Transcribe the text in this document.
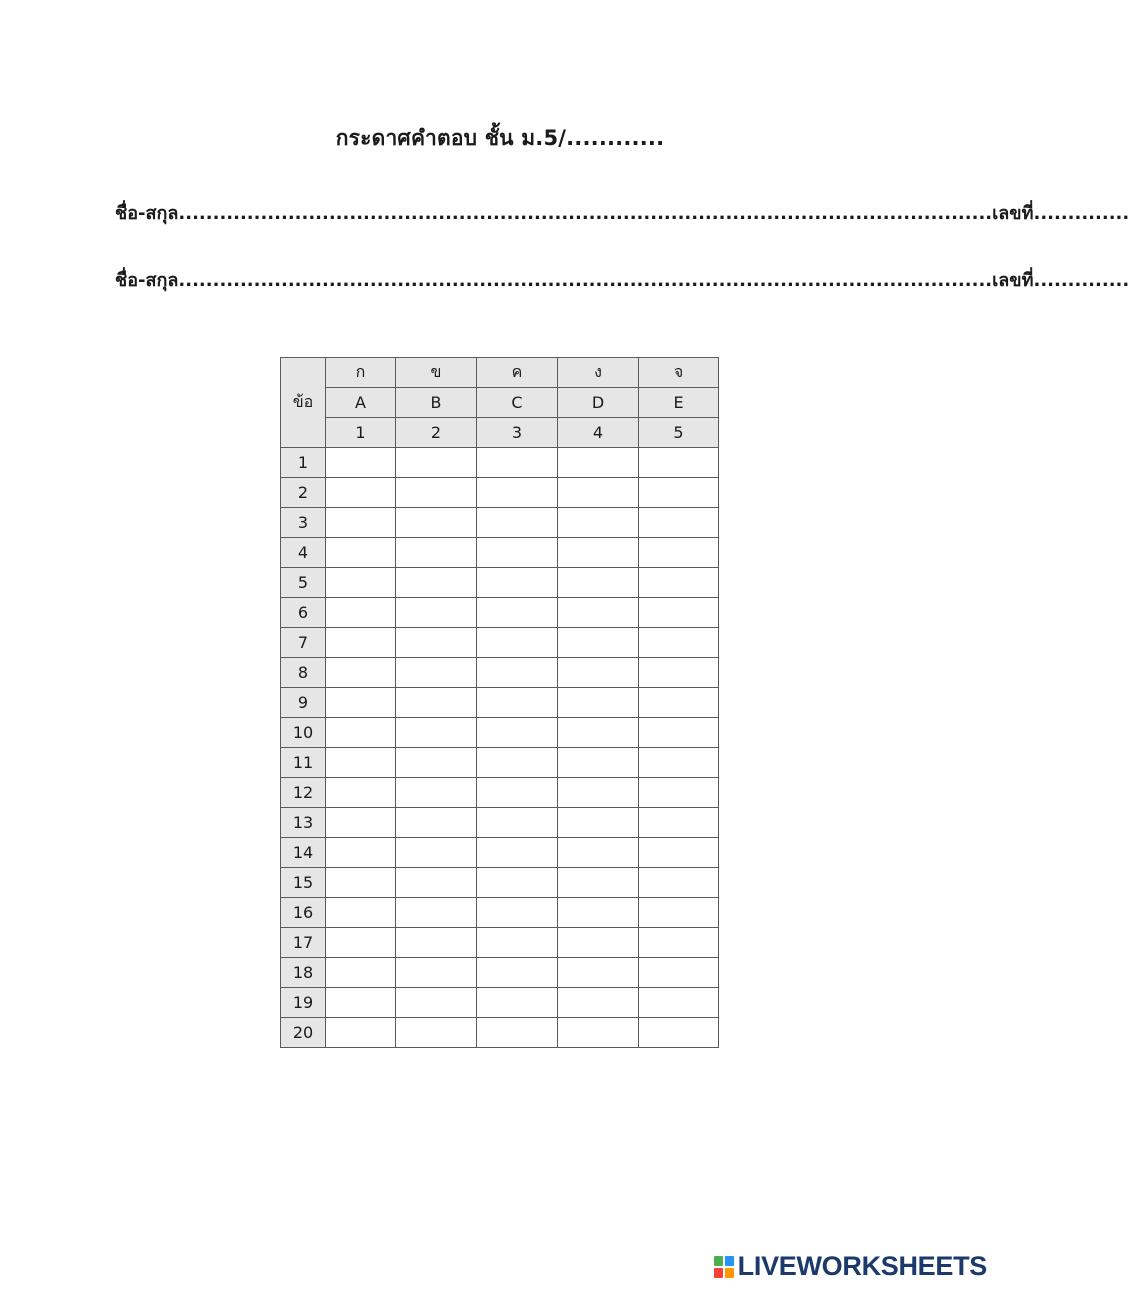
กระดาศคำตอบ ชั้น ม.5/............
ชื่อ-สกุล.......................................................................................................................เลขที่..............
ชื่อ-สกุล.......................................................................................................................เลขที่..............
ข้อ	ก	ข	ค	ง	จ
	A	B	C	D	E
	1	2	3	4	5
1					
2					
3					
4					
5					
6					
7					
8					
9					
10					
11					
12					
13					
14					
15					
16					
17					
18					
19					
20					
LIVEWORKSHEETS
